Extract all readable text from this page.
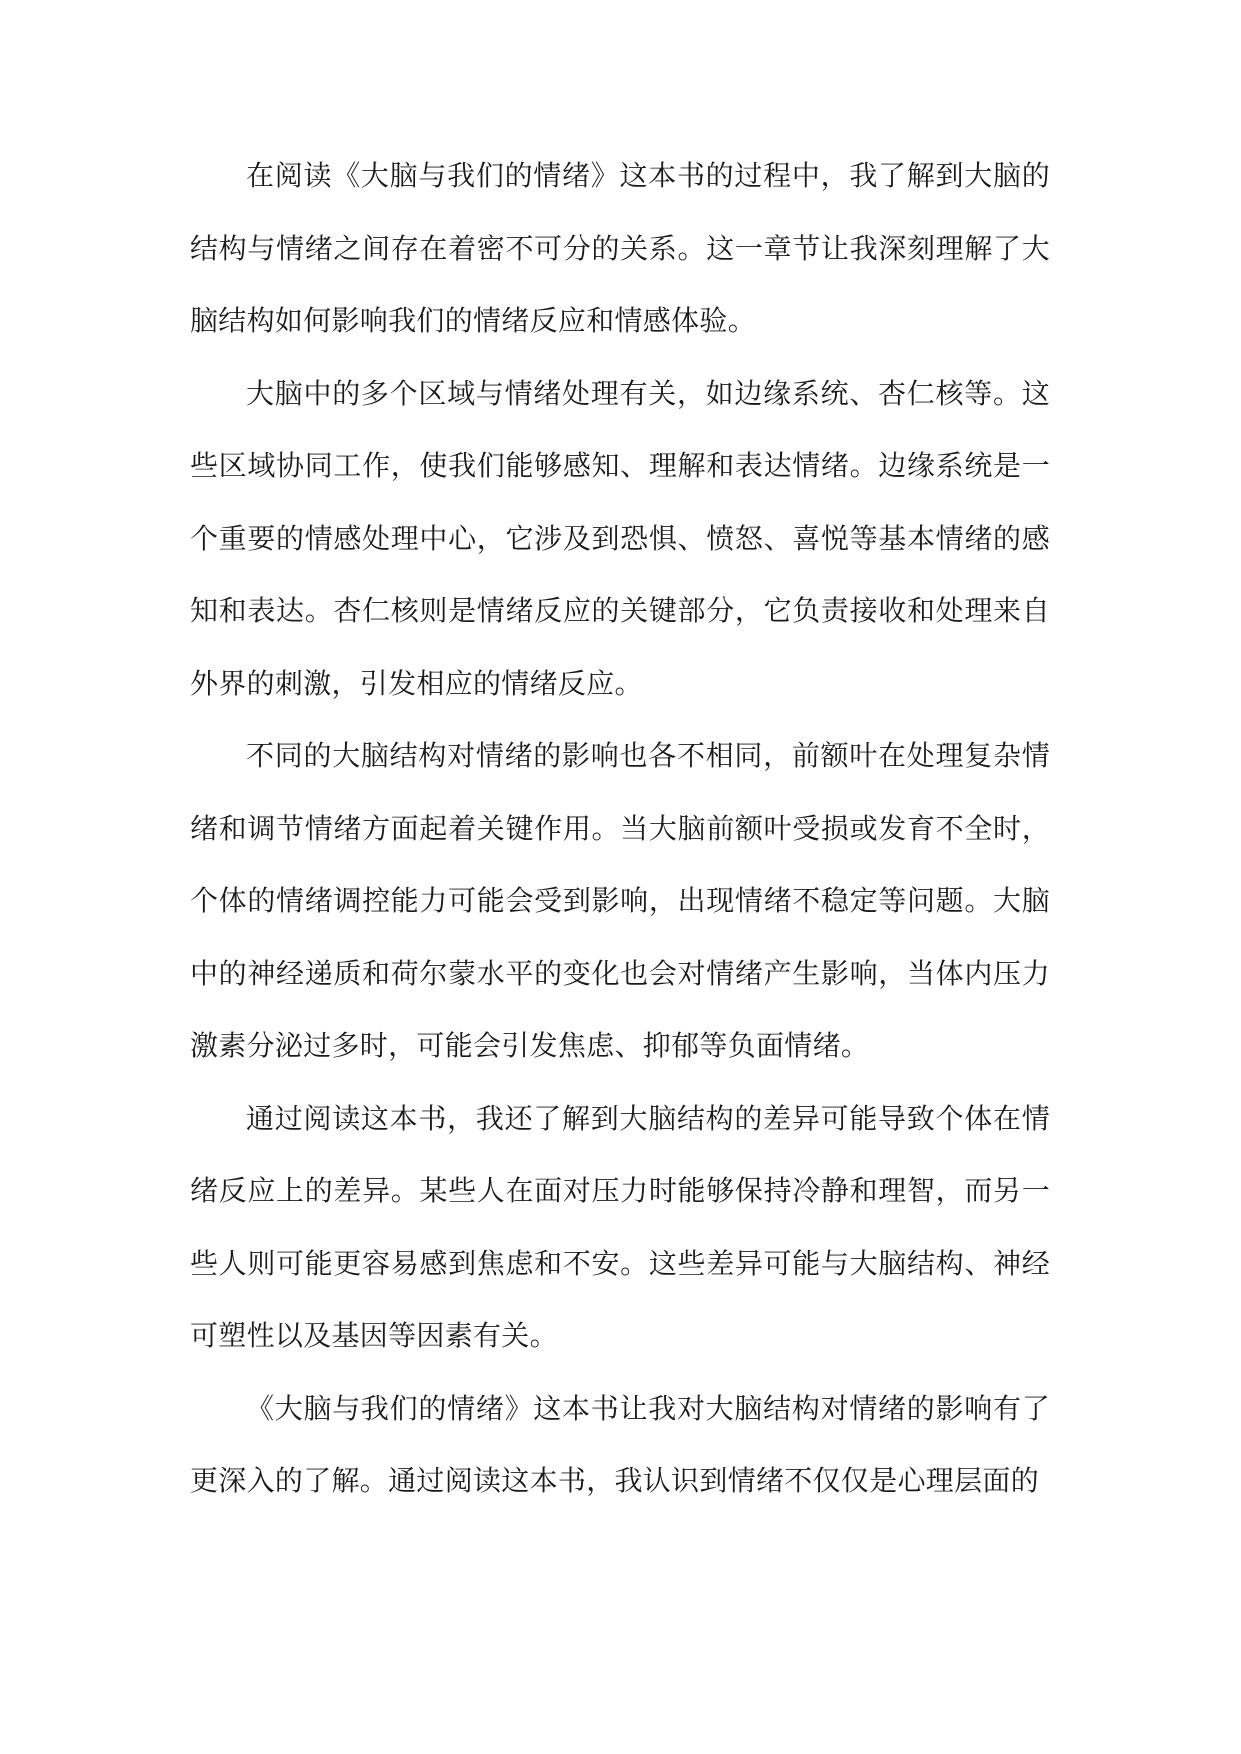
在阅读《大脑与我们的情绪》这本书的过程中，我了解到大脑的结构与情绪之间存在着密不可分的关系。这一章节让我深刻理解了大脑结构如何影响我们的情绪反应和情感体验。

大脑中的多个区域与情绪处理有关，如边缘系统、杏仁核等。这些区域协同工作，使我们能够感知、理解和表达情绪。边缘系统是一个重要的情感处理中心，它涉及到恐惧、愤怒、喜悦等基本情绪的感知和表达。杏仁核则是情绪反应的关键部分，它负责接收和处理来自外界的刺激，引发相应的情绪反应。

不同的大脑结构对情绪的影响也各不相同，前额叶在处理复杂情绪和调节情绪方面起着关键作用。当大脑前额叶受损或发育不全时，个体的情绪调控能力可能会受到影响，出现情绪不稳定等问题。大脑中的神经递质和荷尔蒙水平的变化也会对情绪产生影响，当体内压力激素分泌过多时，可能会引发焦虑、抑郁等负面情绪。

通过阅读这本书，我还了解到大脑结构的差异可能导致个体在情绪反应上的差异。某些人在面对压力时能够保持冷静和理智，而另一些人则可能更容易感到焦虑和不安。这些差异可能与大脑结构、神经可塑性以及基因等因素有关。

《大脑与我们的情绪》这本书让我对大脑结构对情绪的影响有了更深入的了解。通过阅读这本书，我认识到情绪不仅仅是心理层面的
